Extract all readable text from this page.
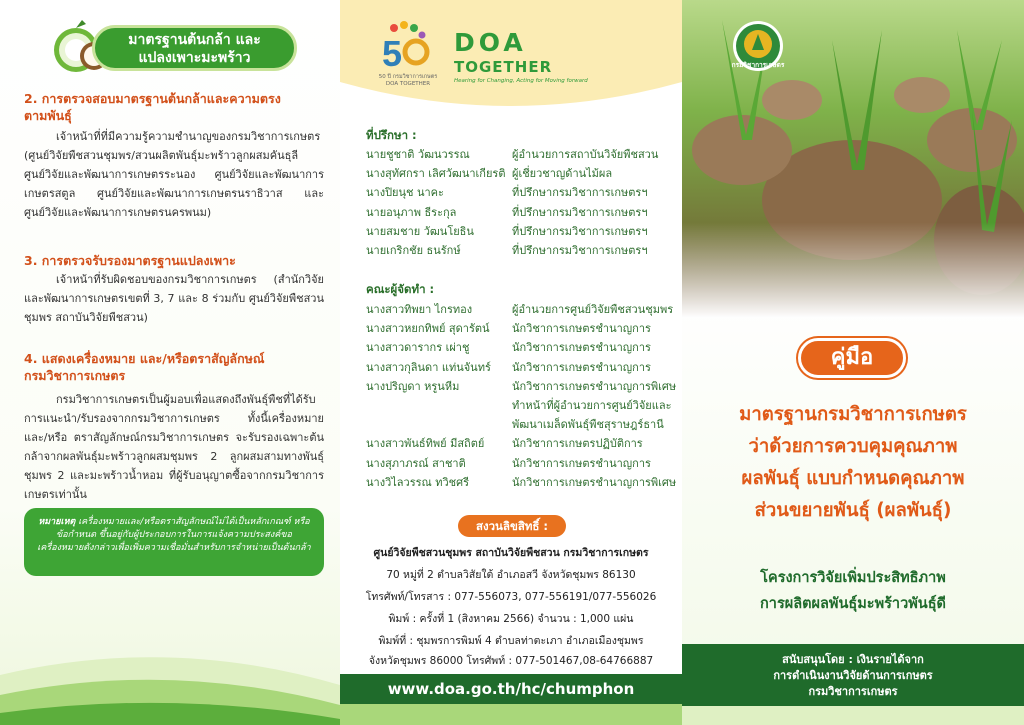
มาตรฐานต้นกล้า และ
แปลงเพาะมะพร้าว
2. การตรวจสอบมาตรฐานต้นกล้าและความตรง
ตามพันธุ์
เจ้าหน้าที่ที่มีความรู้ความชำนาญของกรมวิชาการเกษตร (ศูนย์วิจัยพืชสวนชุมพร/สวนผลิตพันธุ์มะพร้าวลูกผสมคันธุลี ศูนย์วิจัยและพัฒนาการเกษตรระนอง ศูนย์วิจัยและพัฒนาการเกษตรสตูล ศูนย์วิจัยและพัฒนาการเกษตรนราธิวาส และศูนย์วิจัยและพัฒนาการเกษตรนครพนม)
3. การตรวจรับรองมาตรฐานแปลงเพาะ
เจ้าหน้าที่รับผิดชอบของกรมวิชาการเกษตร (สำนักวิจัยและพัฒนาการเกษตรเขตที่ 3, 7 และ 8 ร่วมกับ ศูนย์วิจัยพืชสวนชุมพร สถาบันวิจัยพืชสวน)
4. แสดงเครื่องหมาย และ/หรือตราสัญลักษณ์
กรมวิชาการเกษตร
กรมวิชาการเกษตรเป็นผู้มอบเพื่อแสดงถึงพันธุ์พืชที่ได้รับการแนะนำ/รับรองจากกรมวิชาการเกษตร ทั้งนี้เครื่องหมาย และ/หรือ ตราสัญลักษณ์กรมวิชาการเกษตร จะรับรองเฉพาะต้นกล้าจากผลพันธุ์มะพร้าวลูกผสมชุมพร 2 ลูกผสมสามทางพันธุ์ชุมพร 2 และมะพร้าวน้ำหอม ที่ผู้รับอนุญาตซื้อจากกรมวิชาการเกษตรเท่านั้น
หมายเหตุ เครื่องหมายและ/หรือตราสัญลักษณ์ไม่ได้เป็นหลักเกณฑ์ หรือข้อกำหนด ขึ้นอยู่กับผู้ประกอบการในการแจ้งความประสงค์ขอเครื่องหมายดังกล่าวเพื่อเพิ่มความเชื่อมั่นสำหรับการจำหน่ายเป็นต้นกล้า
5
50 ปี กรมวิชาการเกษตร
DOA TOGETHER
DOA
TOGETHER
Hearing for Changing, Acting for Moving forward
ที่ปรึกษา :
นายชูชาติ วัฒนวรรณ
นางสุทัศกรา เลิศวัฒนาเกียรติ
นางปิยนุช นาคะ
นายอนุภาพ ธีระกุล
นายสมชาย วัฒนโยธิน
นายเกริกชัย ธนรักษ์
ผู้อำนวยการสถาบันวิจัยพืชสวน
ผู้เชี่ยวชาญด้านไม้ผล
ที่ปรึกษากรมวิชาการเกษตรฯ
ที่ปรึกษากรมวิชาการเกษตรฯ
ที่ปรึกษากรมวิชาการเกษตรฯ
ที่ปรึกษากรมวิชาการเกษตรฯ
คณะผู้จัดทำ :
นางสาวทิพยา ไกรทอง
นางสาวหยกทิพย์ สุดารัตน์
นางสาวดารากร เผ่าชู
นางสาวกุลินดา แท่นจันทร์
นางปริญดา หรูนหีม

นางสาวพันธ์ทิพย์ มีสถิตย์
นางสุภาภรณ์ สาชาติ
นางวิไลวรรณ ทวิชศรี
ผู้อำนวยการศูนย์วิจัยพืชสวนชุมพร
นักวิชาการเกษตรชำนาญการ
นักวิชาการเกษตรชำนาญการ
นักวิชาการเกษตรชำนาญการ
นักวิชาการเกษตรชำนาญการพิเศษ
ทำหน้าที่ผู้อำนวยการศูนย์วิจัยและ
พัฒนาเมล็ดพันธุ์พืชสุราษฎร์ธานี
นักวิชาการเกษตรปฏิบัติการ
นักวิชาการเกษตรชำนาญการ
นักวิชาการเกษตรชำนาญการพิเศษ
สงวนลิขสิทธิ์ :
ศูนย์วิจัยพืชสวนชุมพร สถาบันวิจัยพืชสวน กรมวิชาการเกษตร
70 หมู่ที่ 2 ตำบลวิสัยใต้ อำเภอสวี จังหวัดชุมพร 86130
โทรศัพท์/โทรสาร : 077-556073, 077-556191/077-556026
พิมพ์ : ครั้งที่ 1 (สิงหาคม 2566) จำนวน : 1,000 แผ่น
พิมพ์ที่ : ชุมพรการพิมพ์ 4 ตำบลท่าตะเภา อำเภอเมืองชุมพร
จังหวัดชุมพร 86000 โทรศัพท์ : 077-501467,08-64766887
www.doa.go.th/hc/chumphon
กรมวิชาการเกษตร
คู่มือ
มาตรฐานกรมวิชาการเกษตร
ว่าด้วยการควบคุมคุณภาพ
ผลพันธุ์ แบบกำหนดคุณภาพ
ส่วนขยายพันธุ์ (ผลพันธุ์)
โครงการวิจัยเพิ่มประสิทธิภาพ
การผลิตผลพันธุ์มะพร้าวพันธุ์ดี
สนับสนุนโดย : เงินรายได้จาก
การดำเนินงานวิจัยด้านการเกษตร
กรมวิชาการเกษตร
